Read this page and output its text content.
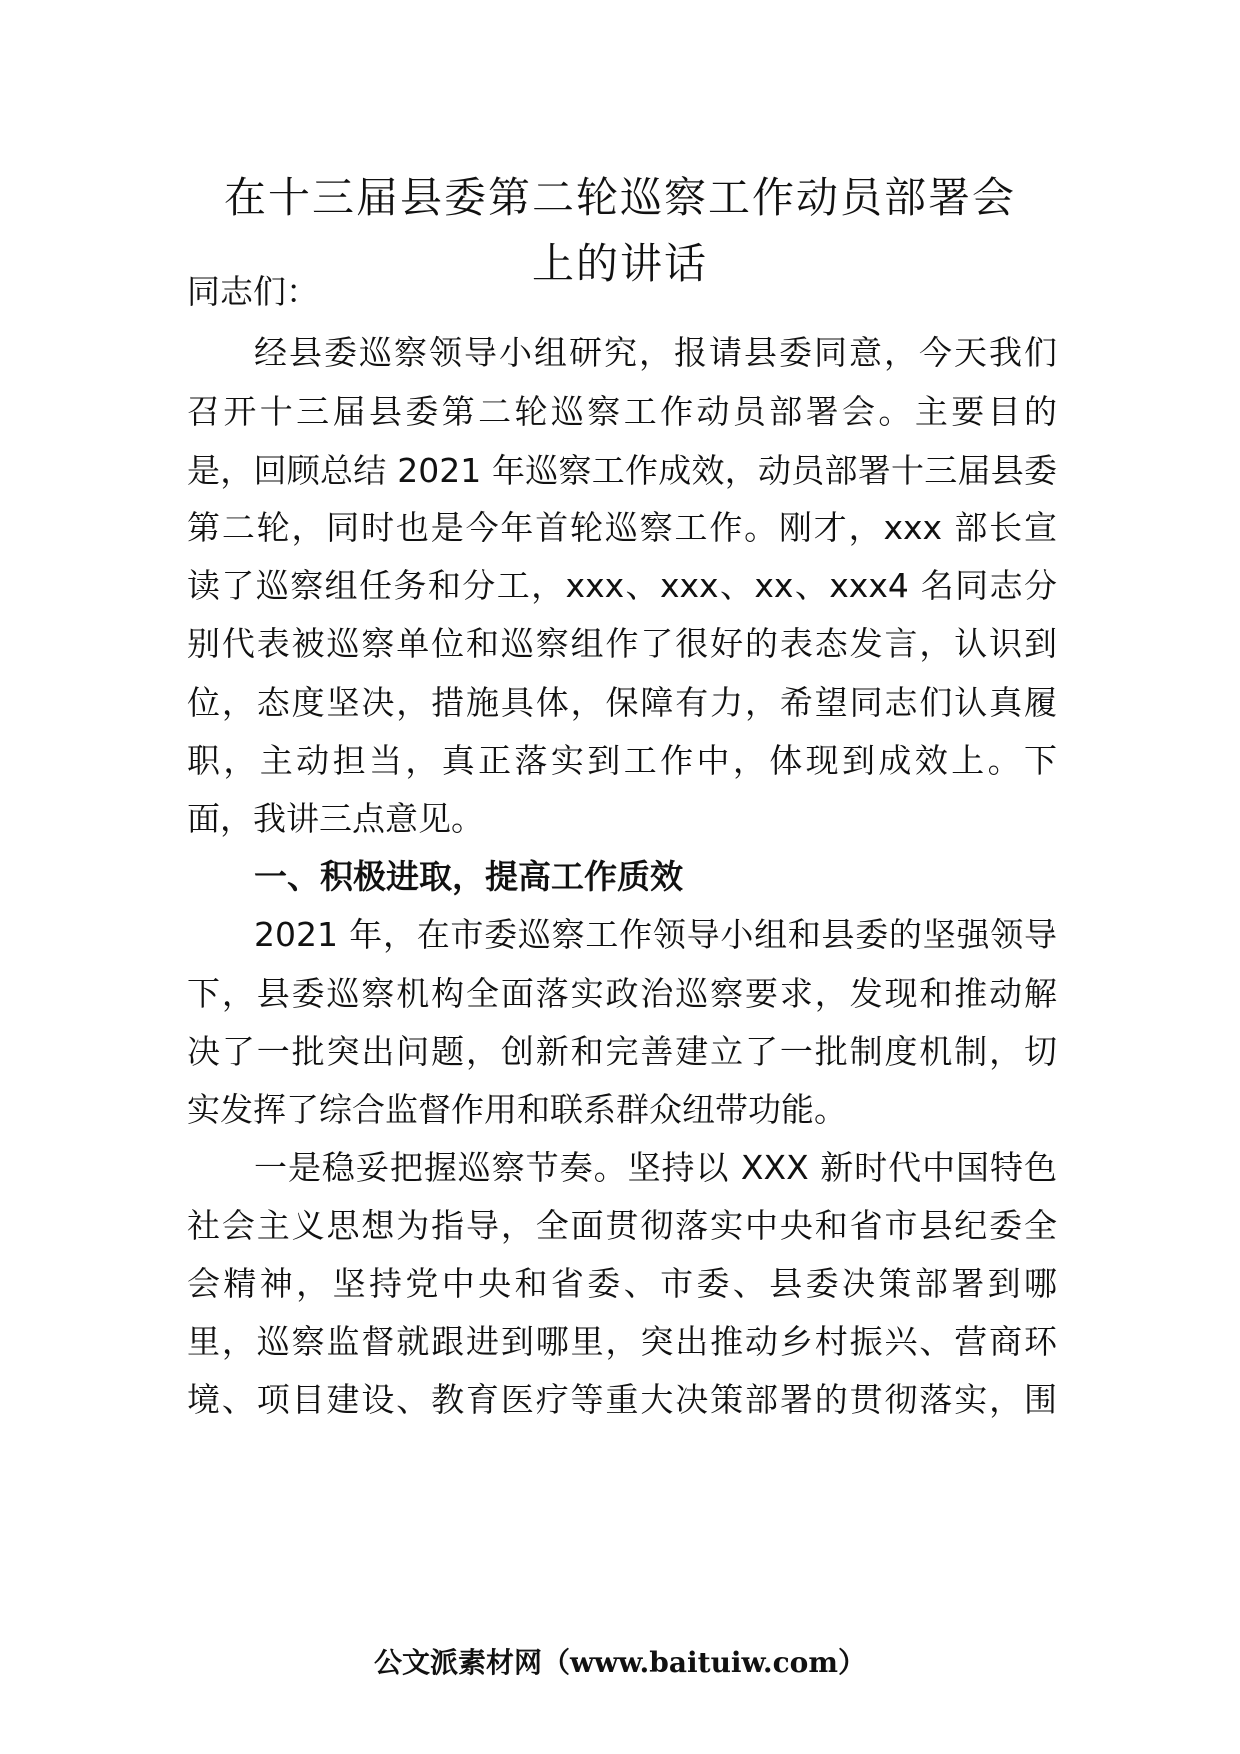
在十三届县委第二轮巡察工作动员部署会
上的讲话

同志们：

经县委巡察领导小组研究，报请县委同意，今天我们

召开十三届县委第二轮巡察工作动员部署会。主要目的

是，回顾总结 2021 年巡察工作成效，动员部署十三届县委

第二轮，同时也是今年首轮巡察工作。刚才，xxx 部长宣

读了巡察组任务和分工，xxx、xxx、xx、xxx4 名同志分

别代表被巡察单位和巡察组作了很好的表态发言，认识到

位，态度坚决，措施具体，保障有力，希望同志们认真履

职，主动担当，真正落实到工作中，体现到成效上。下

面，我讲三点意见。

一、积极进取，提高工作质效

2021 年，在市委巡察工作领导小组和县委的坚强领导

下，县委巡察机构全面落实政治巡察要求，发现和推动解

决了一批突出问题，创新和完善建立了一批制度机制，切

实发挥了综合监督作用和联系群众纽带功能。

一是稳妥把握巡察节奏。坚持以 XXX 新时代中国特色

社会主义思想为指导，全面贯彻落实中央和省市县纪委全

会精神，坚持党中央和省委、市委、县委决策部署到哪

里，巡察监督就跟进到哪里，突出推动乡村振兴、营商环

境、项目建设、教育医疗等重大决策部署的贯彻落实，围

公文派素材网（www.baituiw.com）
